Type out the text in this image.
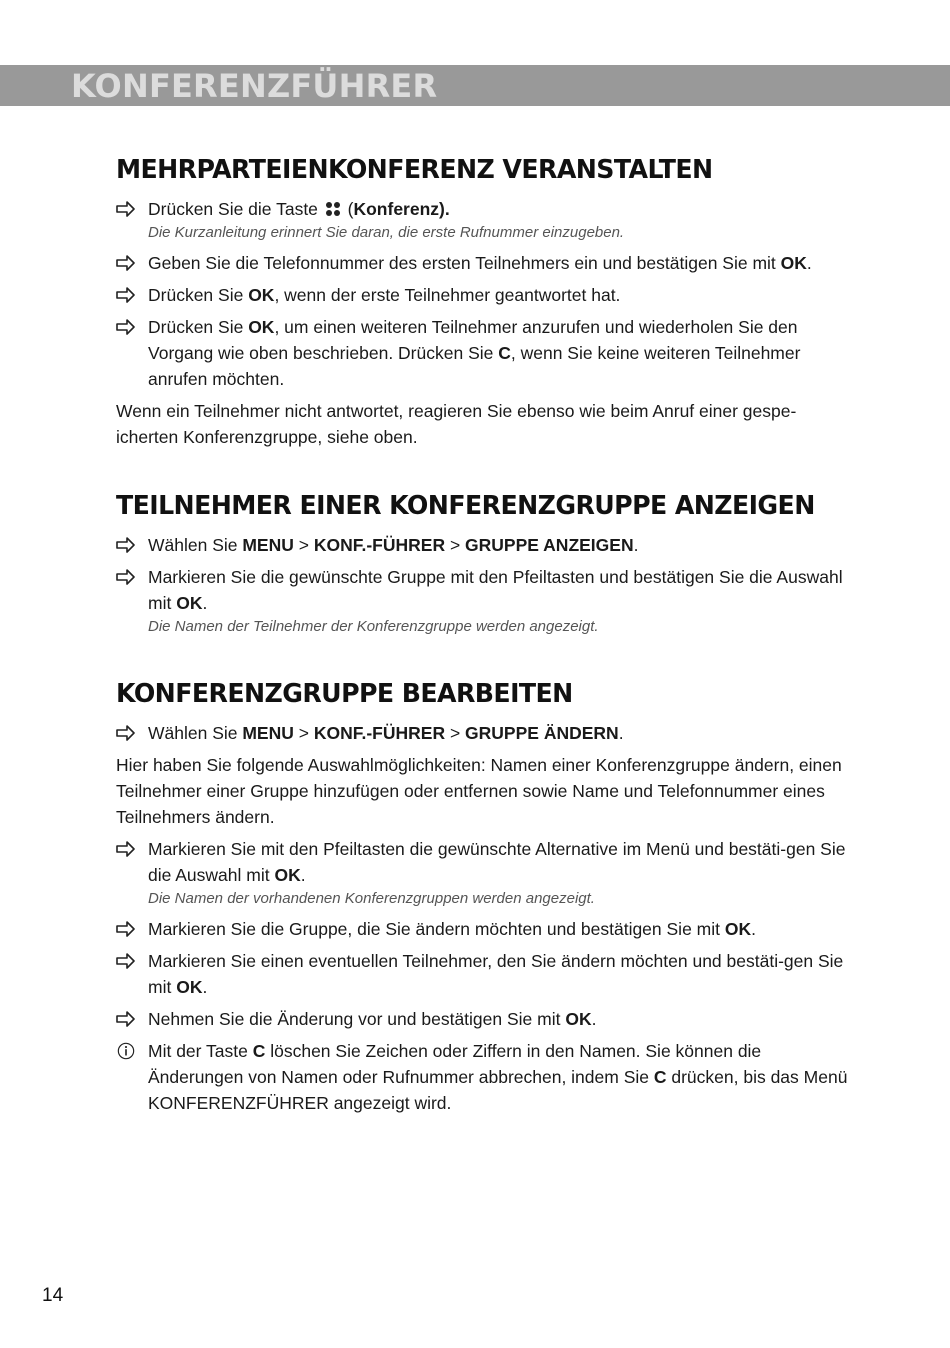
KONFERENZFÜHRER
MEHRPARTEIENKONFERENZ VERANSTALTEN
Drücken Sie die Taste  (Konferenz).
Die Kurzanleitung erinnert Sie daran, die erste Rufnummer einzugeben.
Geben Sie die Telefonnummer des ersten Teilnehmers ein und bestätigen Sie mit OK.
Drücken Sie OK, wenn der erste Teilnehmer geantwortet hat.
Drücken Sie OK, um einen weiteren Teilnehmer anzurufen und wiederholen Sie den Vorgang wie oben beschrieben. Drücken Sie C, wenn Sie keine weiteren Teilnehmer anrufen möchten.
Wenn ein Teilnehmer nicht antwortet, reagieren Sie ebenso wie beim Anruf einer gespe-icherten Konferenzgruppe, siehe oben.
TEILNEHMER EINER KONFERENZGRUPPE ANZEIGEN
Wählen Sie MENU > KONF.-FÜHRER > GRUPPE ANZEIGEN.
Markieren Sie die gewünschte Gruppe mit den Pfeiltasten und bestätigen Sie die Auswahl mit OK.
Die Namen der Teilnehmer der Konferenzgruppe werden angezeigt.
KONFERENZGRUPPE BEARBEITEN
Wählen Sie MENU > KONF.-FÜHRER > GRUPPE ÄNDERN.
Hier haben Sie folgende Auswahlmöglichkeiten: Namen einer Konferenzgruppe ändern, einen Teilnehmer einer Gruppe hinzufügen oder entfernen sowie Name und Telefonnummer eines Teilnehmers ändern.
Markieren Sie mit den Pfeiltasten die gewünschte Alternative im Menü und bestäti-gen Sie die Auswahl mit OK.
Die Namen der vorhandenen Konferenzgruppen werden angezeigt.
Markieren Sie die Gruppe, die Sie ändern möchten und bestätigen Sie mit OK.
Markieren Sie einen eventuellen Teilnehmer, den Sie ändern möchten und bestäti-gen Sie mit OK.
Nehmen Sie die Änderung vor und bestätigen Sie mit OK.
Mit der Taste C löschen Sie Zeichen oder Ziffern in den Namen. Sie können die Änderungen von Namen oder Rufnummer abbrechen, indem Sie C drücken, bis das Menü KONFERENZFÜHRER angezeigt wird.
14
